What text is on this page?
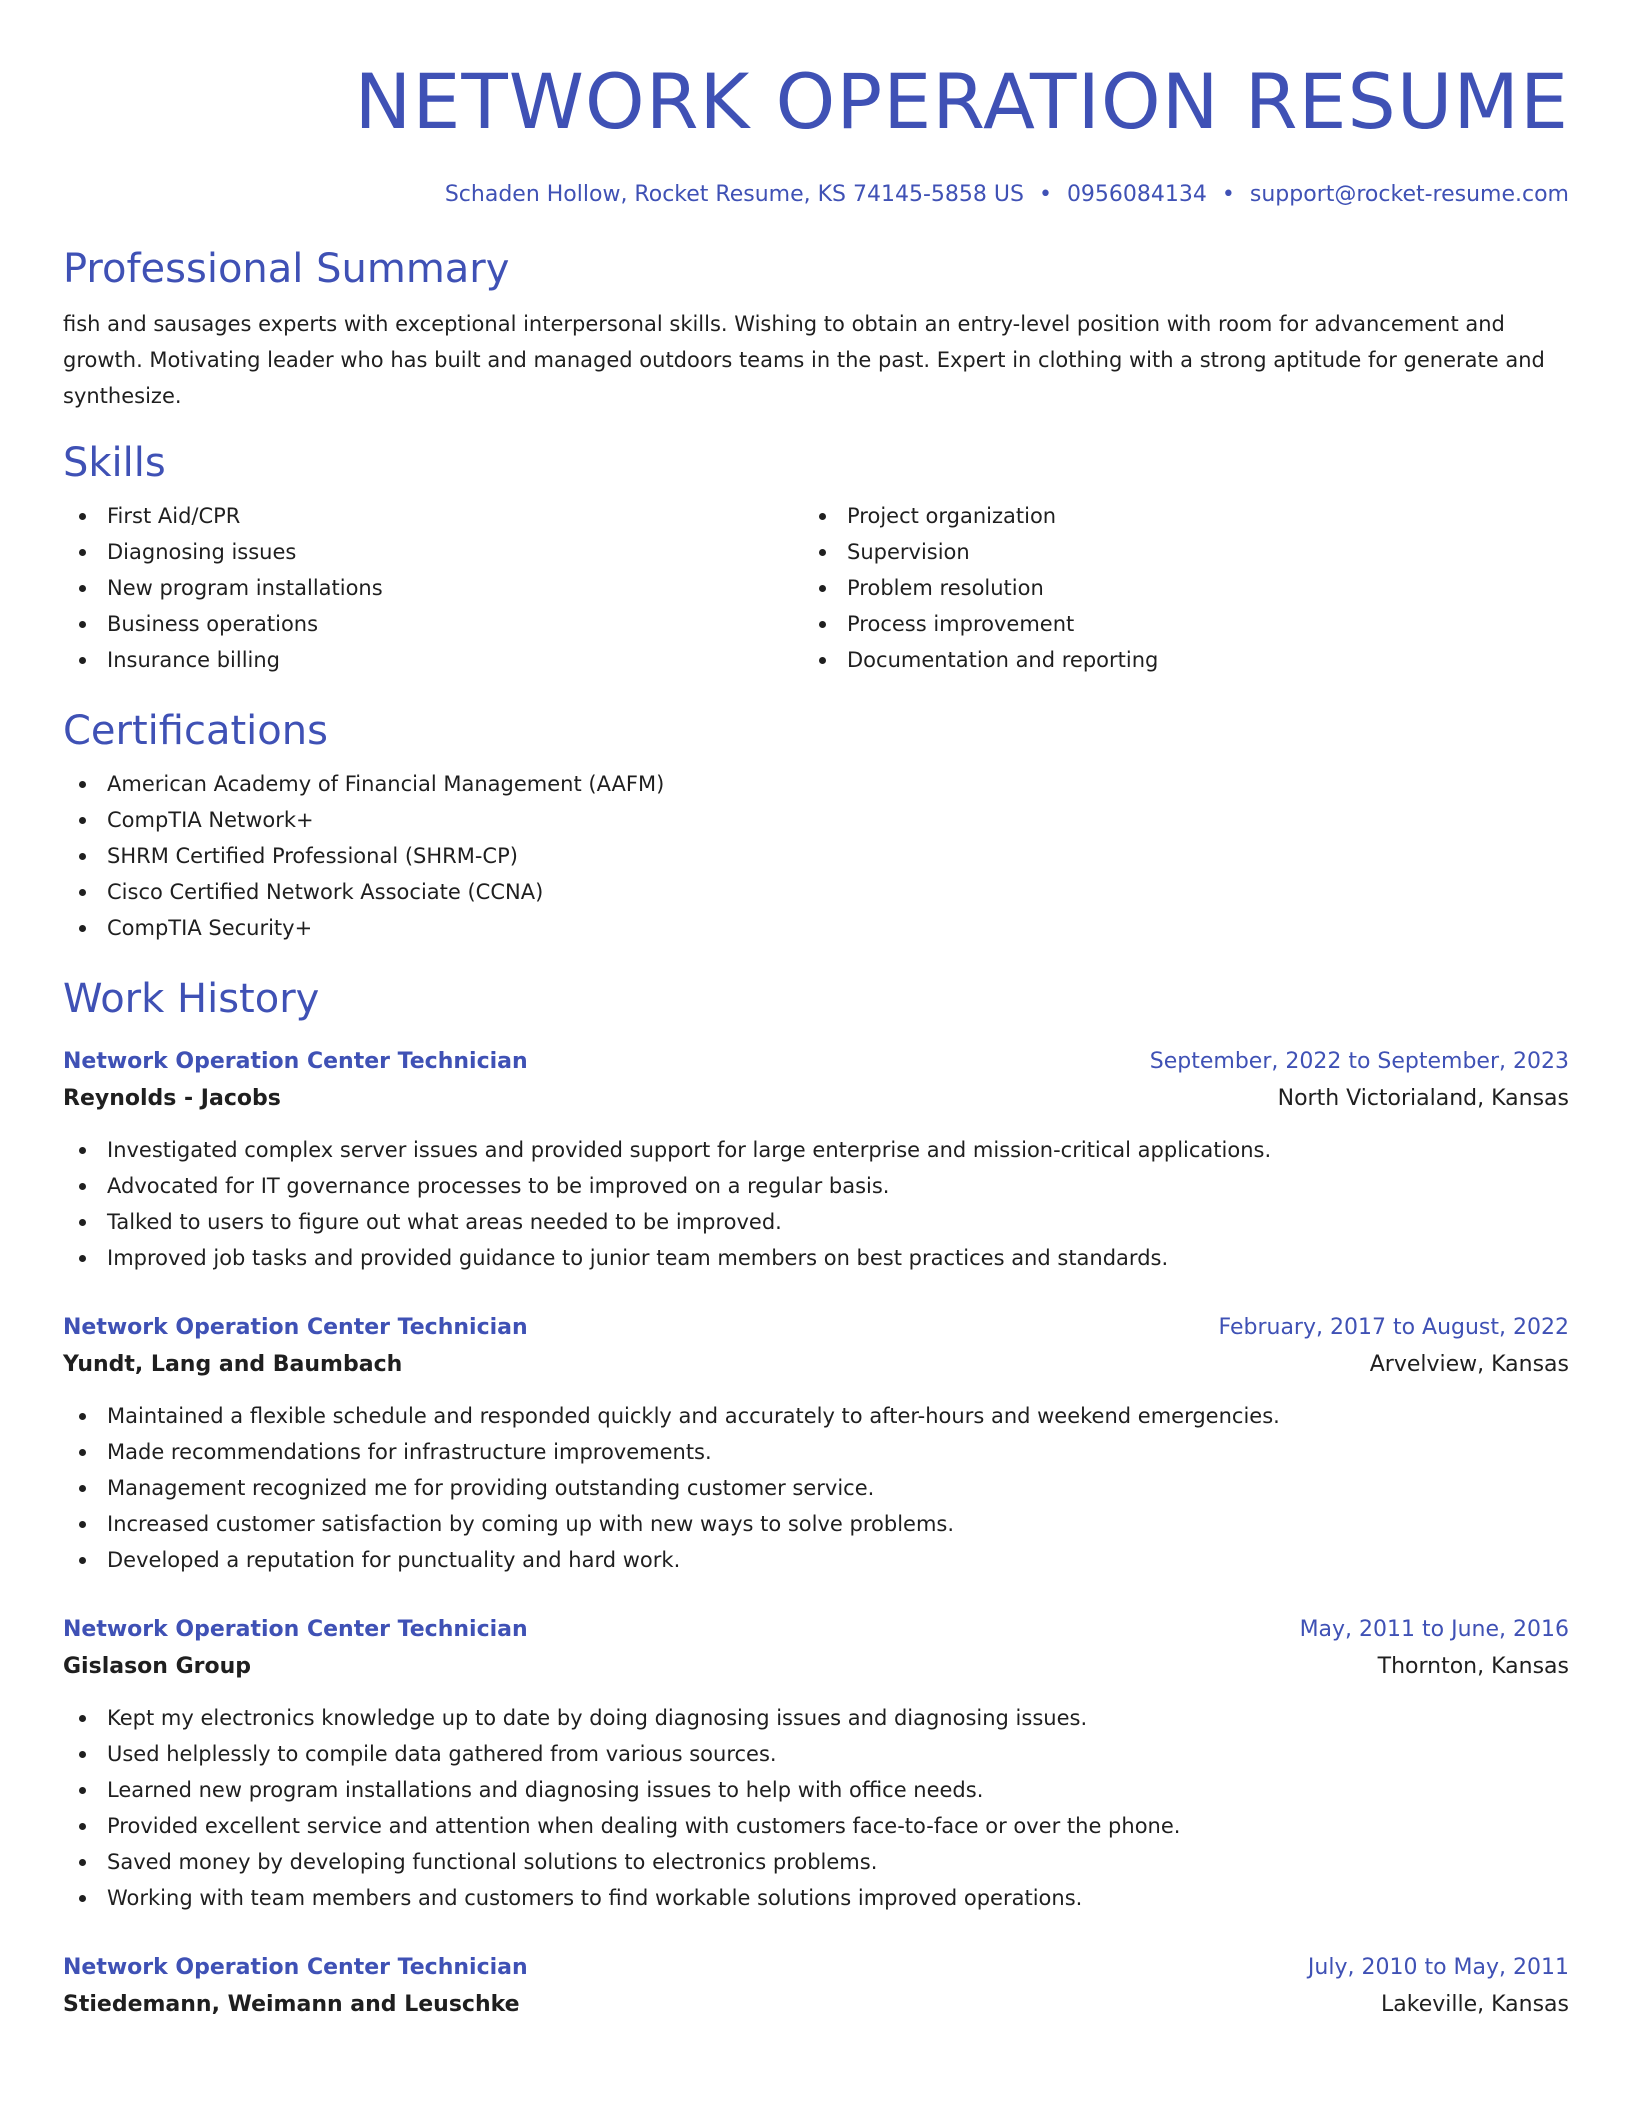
NETWORK OPERATION RESUME
Schaden Hollow, Rocket Resume, KS 74145-5858 US • 0956084134 • support@rocket-resume.com
Professional Summary

fish and sausages experts with exceptional interpersonal skills. Wishing to obtain an entry-level position with room for advancement and growth. Motivating leader who has built and managed outdoors teams in the past. Expert in clothing with a strong aptitude for generate and synthesize.

Skills
First Aid/CPR
Diagnosing issues
New program installations
Business operations
Insurance billing
Project organization
Supervision
Problem resolution
Process improvement
Documentation and reporting
Certifications
American Academy of Financial Management (AAFM)
CompTIA Network+
SHRM Certified Professional (SHRM-CP)
Cisco Certified Network Associate (CCNA)
CompTIA Security+
Work History
Network Operation Center Technician	September, 2022 to September, 2023
Reynolds - Jacobs	North Victorialand, Kansas
Investigated complex server issues and provided support for large enterprise and mission-critical applications.
Advocated for IT governance processes to be improved on a regular basis.
Talked to users to figure out what areas needed to be improved.
Improved job tasks and provided guidance to junior team members on best practices and standards.
Network Operation Center Technician	February, 2017 to August, 2022
Yundt, Lang and Baumbach	Arvelview, Kansas
Maintained a flexible schedule and responded quickly and accurately to after-hours and weekend emergencies.
Made recommendations for infrastructure improvements.
Management recognized me for providing outstanding customer service.
Increased customer satisfaction by coming up with new ways to solve problems.
Developed a reputation for punctuality and hard work.
Network Operation Center Technician	May, 2011 to June, 2016
Gislason Group	Thornton, Kansas
Kept my electronics knowledge up to date by doing diagnosing issues and diagnosing issues.
Used helplessly to compile data gathered from various sources.
Learned new program installations and diagnosing issues to help with office needs.
Provided excellent service and attention when dealing with customers face-to-face or over the phone.
Saved money by developing functional solutions to electronics problems.
Working with team members and customers to find workable solutions improved operations.
Network Operation Center Technician	July, 2010 to May, 2011
Stiedemann, Weimann and Leuschke	Lakeville, Kansas
